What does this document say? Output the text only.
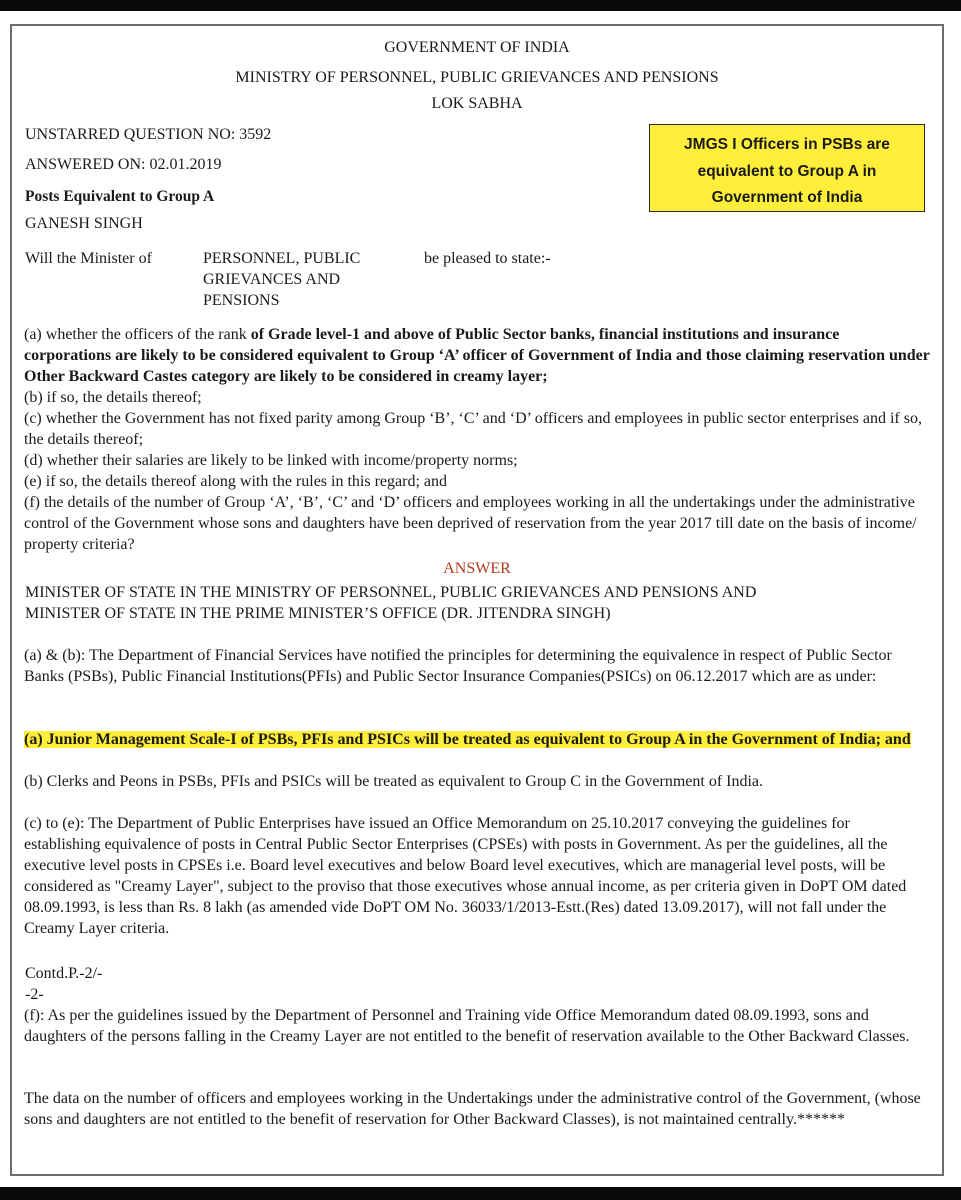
GOVERNMENT OF INDIA
MINISTRY OF PERSONNEL, PUBLIC GRIEVANCES AND PENSIONS
LOK SABHA
UNSTARRED QUESTION NO: 3592
ANSWERED ON: 02.01.2019
Posts Equivalent to Group A
GANESH SINGH
JMGS I Officers in PSBs are
equivalent to Group A in
Government of India
Will the Minister of	PERSONNEL, PUBLIC
GRIEVANCES AND
PENSIONS
be pleased to state:-
(a) whether the officers of the rank of Grade level-1 and above of Public Sector banks, financial institutions and insurance corporations are likely to be considered equivalent to Group ‘A’ officer of Government of India and those claiming reservation under Other Backward Castes category are likely to be considered in creamy layer;
(b) if so, the details thereof;
(c) whether the Government has not fixed parity among Group ‘B’, ‘C’ and ‘D’ officers and employees in public sector enterprises and if so, the details thereof;
(d) whether their salaries are likely to be linked with income/property norms;
(e) if so, the details thereof along with the rules in this regard; and
(f) the details of the number of Group ‘A’, ‘B’, ‘C’ and ‘D’ officers and employees working in all the undertakings under the administrative control of the Government whose sons and daughters have been deprived of reservation from the year 2017 till date on the basis of income/ property criteria?
ANSWER
MINISTER OF STATE IN THE MINISTRY OF PERSONNEL, PUBLIC GRIEVANCES AND PENSIONS AND
MINISTER OF STATE IN THE PRIME MINISTER’S OFFICE (DR. JITENDRA SINGH)
(a) & (b): The Department of Financial Services have notified the principles for determining the equivalence in respect of Public Sector Banks (PSBs), Public Financial Institutions(PFIs) and Public Sector Insurance Companies(PSICs) on 06.12.2017 which are as under:
(a) Junior Management Scale-I of PSBs, PFIs and PSICs will be treated as equivalent to Group A in the Government of India; and
(b) Clerks and Peons in PSBs, PFIs and PSICs will be treated as equivalent to Group C in the Government of India.
(c) to (e): The Department of Public Enterprises have issued an Office Memorandum on 25.10.2017 conveying the guidelines for establishing equivalence of posts in Central Public Sector Enterprises (CPSEs) with posts in Government. As per the guidelines, all the executive level posts in CPSEs i.e. Board level executives and below Board level executives, which are managerial level posts, will be considered as "Creamy Layer", subject to the proviso that those executives whose annual income, as per criteria given in DoPT OM dated 08.09.1993, is less than Rs. 8 lakh (as amended vide DoPT OM No. 36033/1/2013-Estt.(Res) dated 13.09.2017), will not fall under the Creamy Layer criteria.
Contd.P.-2/-
-2-
(f): As per the guidelines issued by the Department of Personnel and Training vide Office Memorandum dated 08.09.1993, sons and daughters of the persons falling in the Creamy Layer are not entitled to the benefit of reservation available to the Other Backward Classes.
The data on the number of officers and employees working in the Undertakings under the administrative control of the Government, (whose sons and daughters are not entitled to the benefit of reservation for Other Backward Classes), is not maintained centrally.******
